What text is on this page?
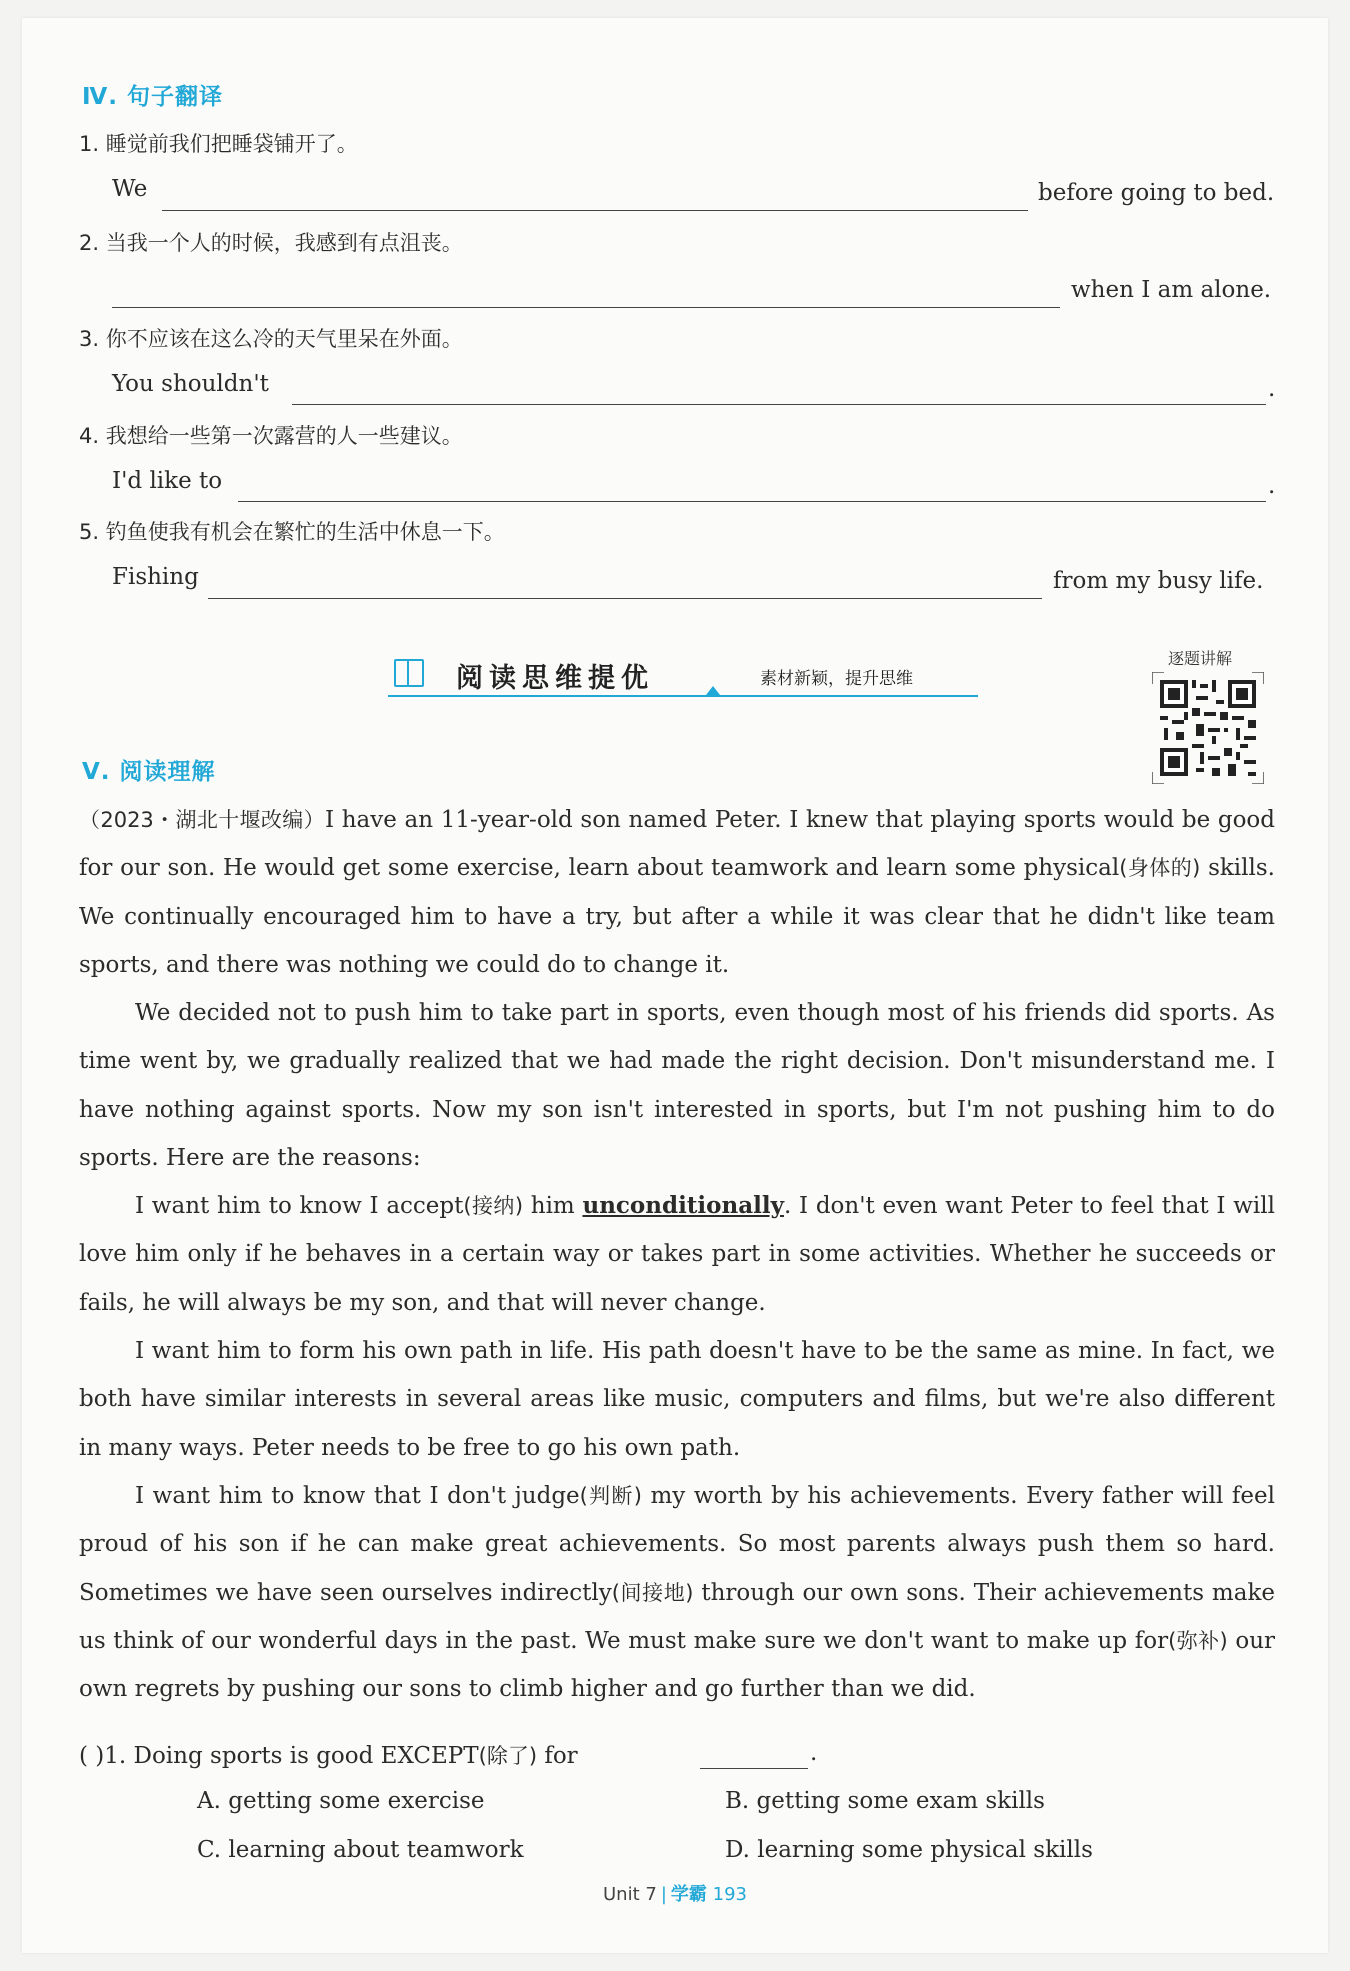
Ⅳ. 句子翻译
1. 睡觉前我们把睡袋铺开了。
We	before going to bed.
2. 当我一个人的时候，我感到有点沮丧。
when I am alone.
3. 你不应该在这么冷的天气里呆在外面。
You shouldn't	.
4. 我想给一些第一次露营的人一些建议。
I'd like to	.
5. 钓鱼使我有机会在繁忙的生活中休息一下。
Fishing	from my busy life.
阅读思维提优	素材新颖，提升思维
逐题讲解
Ⅴ. 阅读理解
（2023・湖北十堰改编）I have an 11-year-old son named Peter. I knew that playing sports would be good for our son. He would get some exercise, learn about teamwork and learn some physical(身体的) skills. We continually encouraged him to have a try, but after a while it was clear that he didn't like team sports, and there was nothing we could do to change it.
We decided not to push him to take part in sports, even though most of his friends did sports. As time went by, we gradually realized that we had made the right decision. Don't misunderstand me. I have nothing against sports. Now my son isn't interested in sports, but I'm not pushing him to do sports. Here are the reasons:
I want him to know I accept(接纳) him unconditionally. I don't even want Peter to feel that I will love him only if he behaves in a certain way or takes part in some activities. Whether he succeeds or fails, he will always be my son, and that will never change.
I want him to form his own path in life. His path doesn't have to be the same as mine. In fact, we both have similar interests in several areas like music, computers and films, but we're also different in many ways. Peter needs to be free to go his own path.
I want him to know that I don't judge(判断) my worth by his achievements. Every father will feel proud of his son if he can make great achievements. So most parents always push them so hard. Sometimes we have seen ourselves indirectly(间接地) through our own sons. Their achievements make us think of our wonderful days in the past. We must make sure we don't want to make up for(弥补) our own regrets by pushing our sons to climb higher and go further than we did.
( )1. Doing sports is good EXCEPT(除了) for	.
A. getting some exercise	B. getting some exam skills
C. learning about teamwork	D. learning some physical skills
Unit 7 | 学霸 193
